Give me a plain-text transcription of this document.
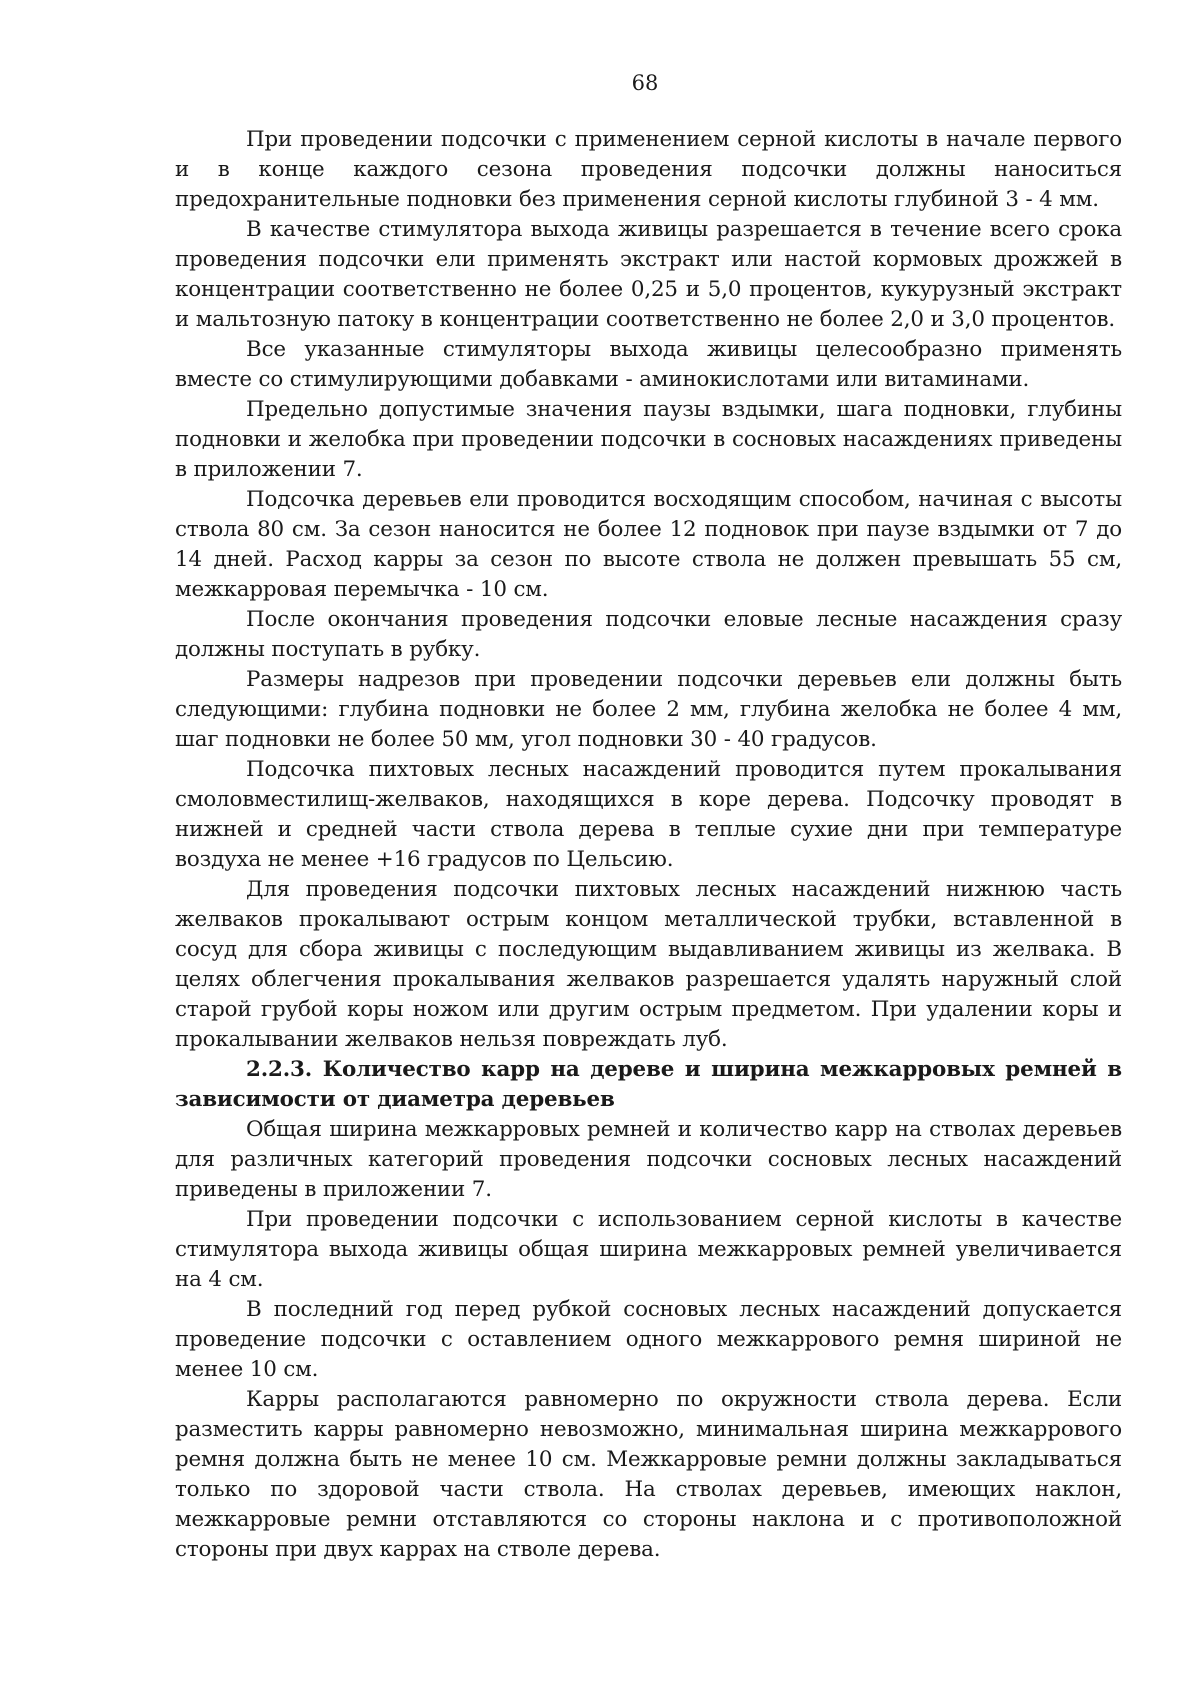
68

При проведении подсочки с применением серной кислоты в начале первого и в конце каждого сезона проведения подсочки должны наноситься предохранительные подновки без применения серной кислоты глубиной 3 - 4 мм.

В качестве стимулятора выхода живицы разрешается в течение всего срока проведения подсочки ели применять экстракт или настой кормовых дрожжей в концентрации соответственно не более 0,25 и 5,0 процентов, кукурузный экстракт и мальтозную патоку в концентрации соответственно не более 2,0 и 3,0 процентов.

Все указанные стимуляторы выхода живицы целесообразно применять вместе со стимулирующими добавками - аминокислотами или витаминами.

Предельно допустимые значения паузы вздымки, шага подновки, глубины подновки и желобка при проведении подсочки в сосновых насаждениях приведены в приложении 7.

Подсочка деревьев ели проводится восходящим способом, начиная с высоты ствола 80 см. За сезон наносится не более 12 подновок при паузе вздымки от 7 до 14 дней. Расход карры за сезон по высоте ствола не должен превышать 55 см, межкарровая перемычка - 10 см.

После окончания проведения подсочки еловые лесные насаждения сразу должны поступать в рубку.

Размеры надрезов при проведении подсочки деревьев ели должны быть следующими: глубина подновки не более 2 мм, глубина желобка не более 4 мм, шаг подновки не более 50 мм, угол подновки 30 - 40 градусов.

Подсочка пихтовых лесных насаждений проводится путем прокалывания смоловместилищ-желваков, находящихся в коре дерева. Подсочку проводят в нижней и средней части ствола дерева в теплые сухие дни при температуре воздуха не менее +16 градусов по Цельсию.

Для проведения подсочки пихтовых лесных насаждений нижнюю часть желваков прокалывают острым концом металлической трубки, вставленной в сосуд для сбора живицы с последующим выдавливанием живицы из желвака. В целях облегчения прокалывания желваков разрешается удалять наружный слой старой грубой коры ножом или другим острым предметом. При удалении коры и прокалывании желваков нельзя повреждать луб.

2.2.3. Количество карр на дереве и ширина межкарровых ремней в зависимости от диаметра деревьев

Общая ширина межкарровых ремней и количество карр на стволах деревьев для различных категорий проведения подсочки сосновых лесных насаждений приведены в приложении 7.

При проведении подсочки с использованием серной кислоты в качестве стимулятора выхода живицы общая ширина межкарровых ремней увеличивается на 4 см.

В последний год перед рубкой сосновых лесных насаждений допускается проведение подсочки с оставлением одного межкаррового ремня шириной не менее 10 см.

Карры располагаются равномерно по окружности ствола дерева. Если разместить карры равномерно невозможно, минимальная ширина межкаррового ремня должна быть не менее 10 см. Межкарровые ремни должны закладываться только по здоровой части ствола. На стволах деревьев, имеющих наклон, межкарровые ремни отставляются со стороны наклона и с противоположной стороны при двух каррах на стволе дерева.
